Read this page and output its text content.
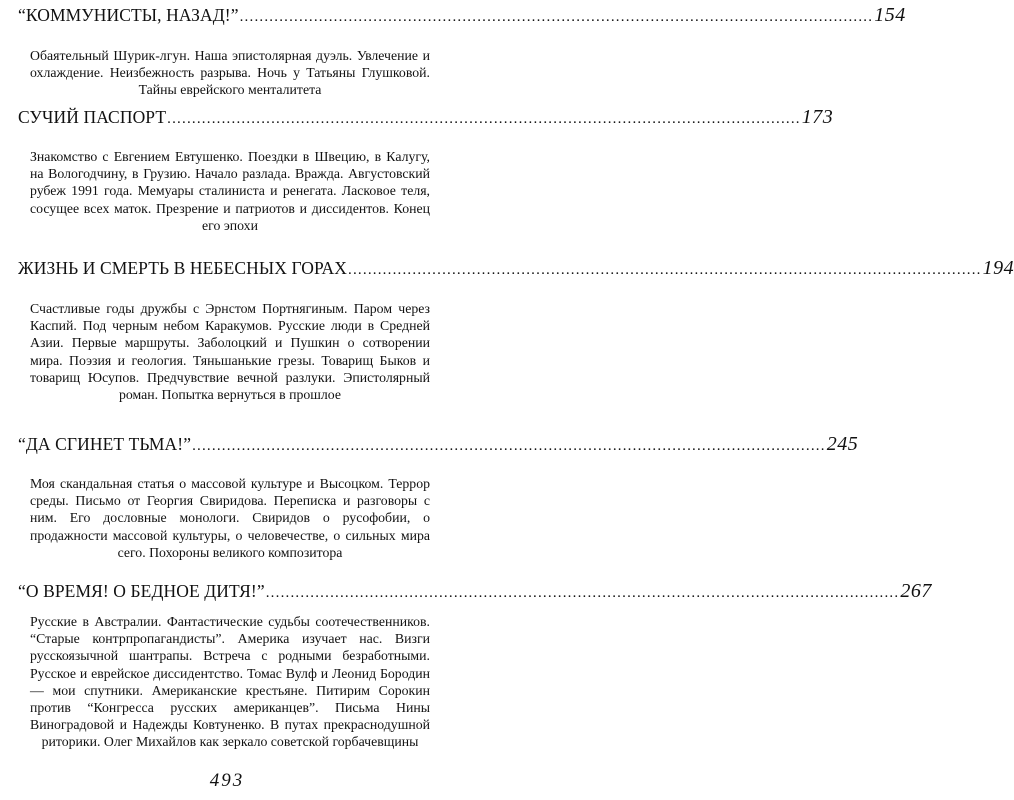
“КОММУНИСТЫ, НАЗАД!” ................................................................................................................................ 154
Обаятельный Шурик-лгун. Наша эпистолярная дуэль. Увлечение и охлаждение. Неизбежность разрыва. Ночь у Татьяны Глушковой. Тайны еврейского менталитета
СУЧИЙ ПАСПОРТ ................................................................................................................................ 173
Знакомство с Евгением Евтушенко. Поездки в Швецию, в Калугу, на Вологодчину, в Грузию. Начало разлада. Вражда. Августовский рубеж 1991 года. Мемуары сталиниста и ренегата. Ласковое теля, сосущее всех маток. Презрение и патриотов и диссидентов. Конец его эпохи
ЖИЗНЬ И СМЕРТЬ В НЕБЕСНЫХ ГОРАХ ................................................................................................................................ 194
Счастливые годы дружбы с Эрнстом Портнягиным. Паром через Каспий. Под черным небом Каракумов. Русские люди в Средней Азии. Первые маршруты. Заболоцкий и Пушкин о сотворении мира. Поэзия и геология. Тяньшанькие грезы. Товарищ Быков и товарищ Юсупов. Предчувствие вечной разлуки. Эпистолярный роман. Попытка вернуться в прошлое
“ДА СГИНЕТ ТЬМА!” ................................................................................................................................ 245
Моя скандальная статья о массовой культуре и Высоцком. Террор среды. Письмо от Георгия Свиридова. Переписка и разговоры с ним. Его дословные монологи. Свиридов о русофобии, о продажности массовой культуры, о человечестве, о сильных мира сего. Похороны великого композитора
“О ВРЕМЯ! О БЕДНОЕ ДИТЯ!” ................................................................................................................................ 267
Русские в Австралии. Фантастические судьбы соотечественников. “Старые контрпропагандисты”. Америка изучает нас. Визги русскоязычной шантрапы. Встреча с родными безработными. Русское и еврейское диссидентство. Томас Вулф и Леонид Бородин — мои спутники. Американские крестьяне. Питирим Сорокин против “Конгресса русских американцев”. Письма Нины Виноградовой и Надежды Ковтуненко. В путах прекраснодушной риторики. Олег Михайлов как зеркало советской горбачевщины
493
